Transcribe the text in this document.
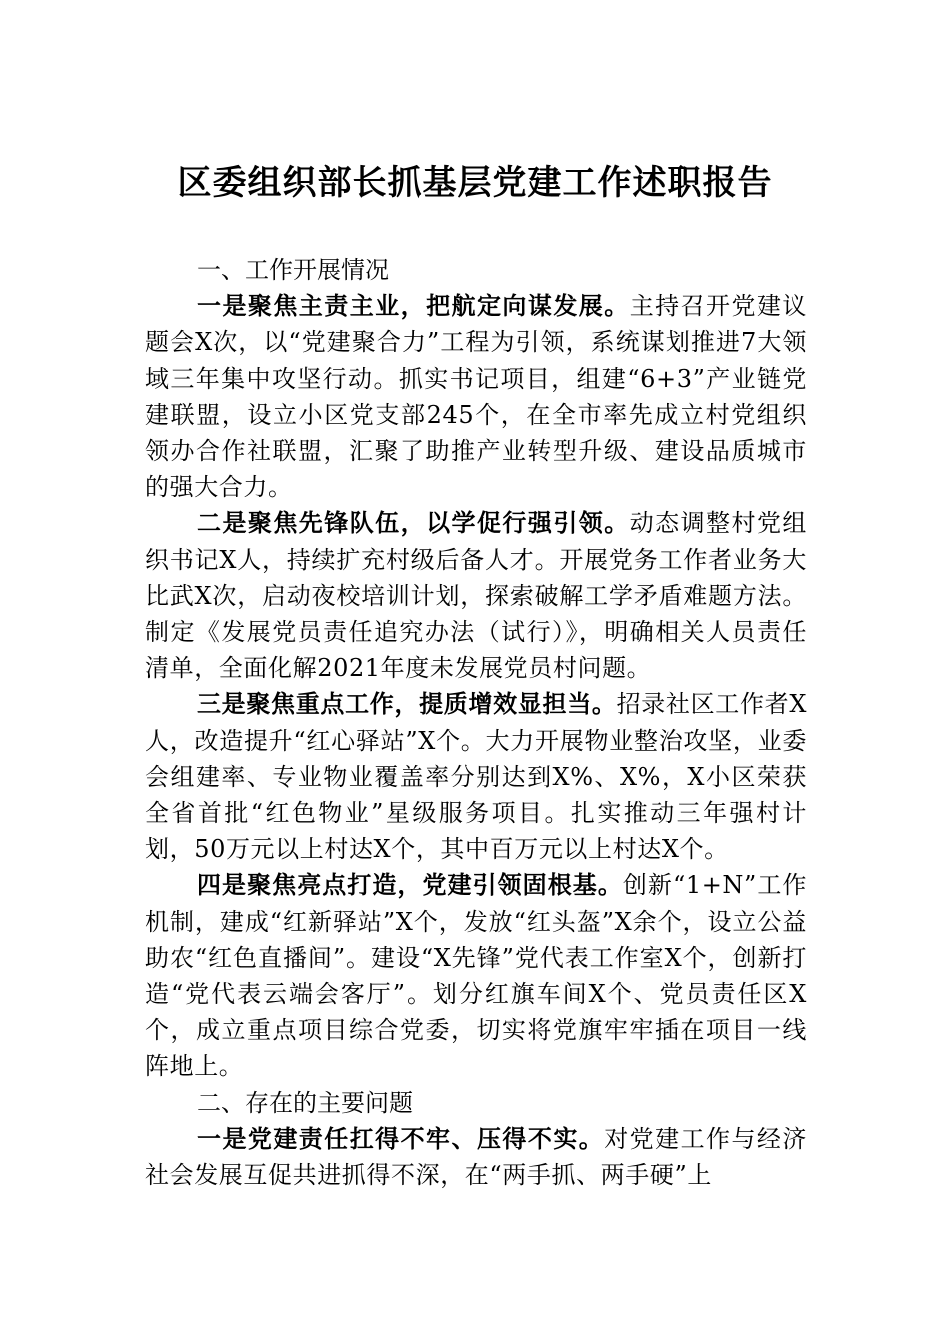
区委组织部长抓基层党建工作述职报告

一、工作开展情况

一是聚焦主责主业，把航定向谋发展。主持召开党建议题会X次，以“党建聚合力”工程为引领，系统谋划推进7大领域三年集中攻坚行动。抓实书记项目，组建“6+3”产业链党建联盟，设立小区党支部245个，在全市率先成立村党组织领办合作社联盟，汇聚了助推产业转型升级、建设品质城市的强大合力。

二是聚焦先锋队伍，以学促行强引领。动态调整村党组织书记X人，持续扩充村级后备人才。开展党务工作者业务大比武X次，启动夜校培训计划，探索破解工学矛盾难题方法。制定《发展党员责任追究办法（试行）》，明确相关人员责任清单，全面化解2021年度未发展党员村问题。

三是聚焦重点工作，提质增效显担当。招录社区工作者X人，改造提升“红心驿站”X个。大力开展物业整治攻坚，业委会组建率、专业物业覆盖率分别达到X%、X%，X小区荣获全省首批“红色物业”星级服务项目。扎实推动三年强村计划，50万元以上村达X个，其中百万元以上村达X个。

四是聚焦亮点打造，党建引领固根基。创新“1+N”工作机制，建成“红新驿站”X个，发放“红头盔”X余个，设立公益助农“红色直播间”。建设“X先锋”党代表工作室X个，创新打造“党代表云端会客厅”。划分红旗车间X个、党员责任区X个，成立重点项目综合党委，切实将党旗牢牢插在项目一线阵地上。

二、存在的主要问题

一是党建责任扛得不牢、压得不实。对党建工作与经济社会发展互促共进抓得不深，在“两手抓、两手硬”上
